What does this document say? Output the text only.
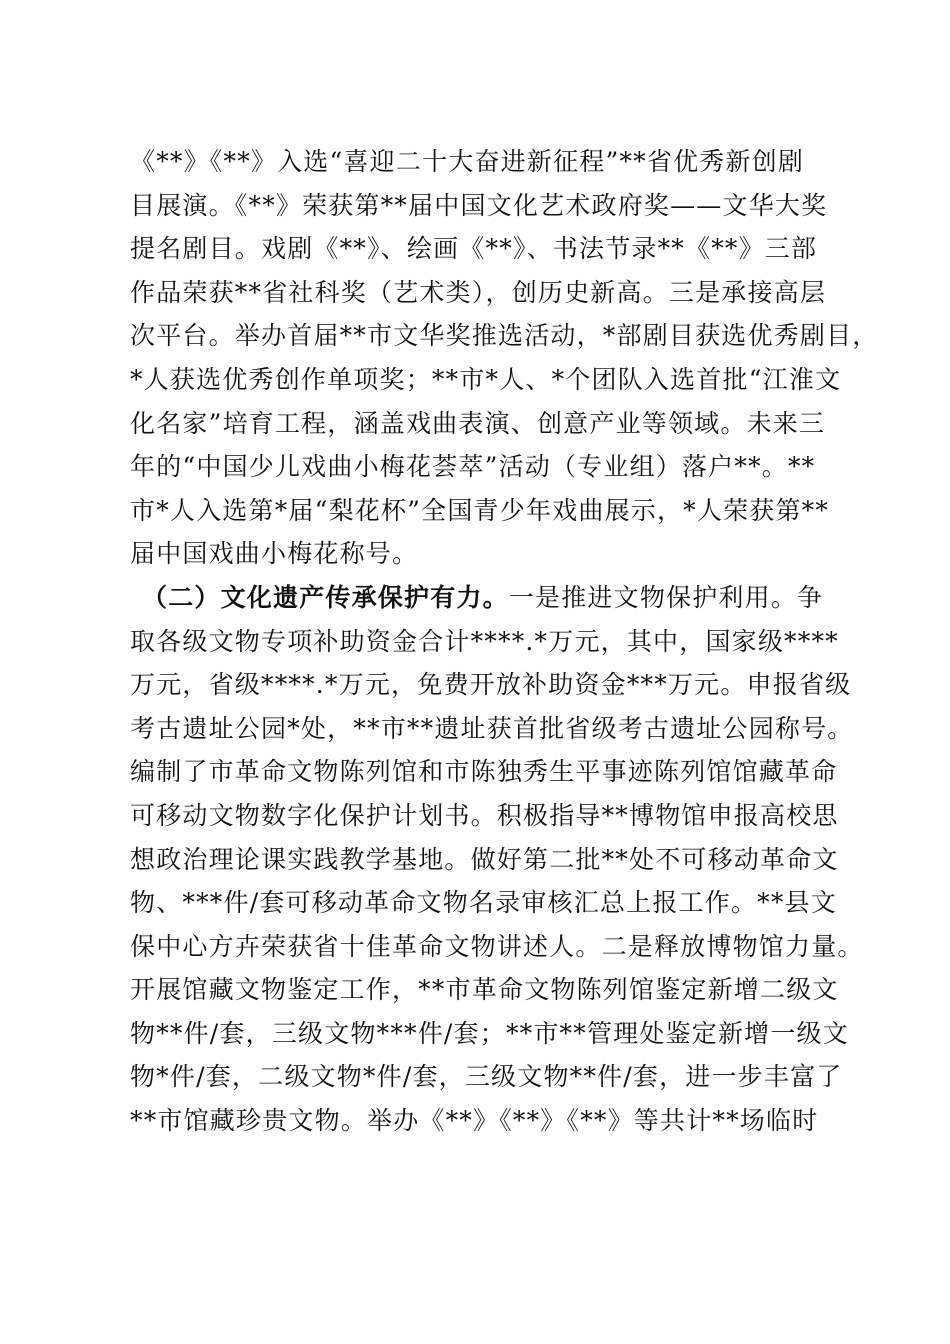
《**》《**》入选“喜迎二十大奋进新征程”**省优秀新创剧
目展演。《**》荣获第**届中国文化艺术政府奖——文华大奖
提名剧目。戏剧《**》、绘画《**》、书法节录**《**》三部
作品荣获**省社科奖（艺术类），创历史新高。三是承接高层
次平台。举办首届**市文华奖推选活动，*部剧目获选优秀剧目，
*人获选优秀创作单项奖；**市*人、*个团队入选首批“江淮文
化名家”培育工程，涵盖戏曲表演、创意产业等领域。未来三
年的“中国少儿戏曲小梅花荟萃”活动（专业组）落户**。**
市*人入选第*届“梨花杯”全国青少年戏曲展示，*人荣获第**
届中国戏曲小梅花称号。
（二）文化遗产传承保护有力。一是推进文物保护利用。争
取各级文物专项补助资金合计****.*万元，其中，国家级****
万元，省级****.*万元，免费开放补助资金***万元。申报省级
考古遗址公园*处，**市**遗址获首批省级考古遗址公园称号。
编制了市革命文物陈列馆和市陈独秀生平事迹陈列馆馆藏革命
可移动文物数字化保护计划书。积极指导**博物馆申报高校思
想政治理论课实践教学基地。做好第二批**处不可移动革命文
物、***件/套可移动革命文物名录审核汇总上报工作。**县文
保中心方卉荣获省十佳革命文物讲述人。二是释放博物馆力量。
开展馆藏文物鉴定工作，**市革命文物陈列馆鉴定新增二级文
物**件/套，三级文物***件/套；**市**管理处鉴定新增一级文
物*件/套，二级文物*件/套，三级文物**件/套，进一步丰富了
**市馆藏珍贵文物。举办《**》《**》《**》等共计**场临时
